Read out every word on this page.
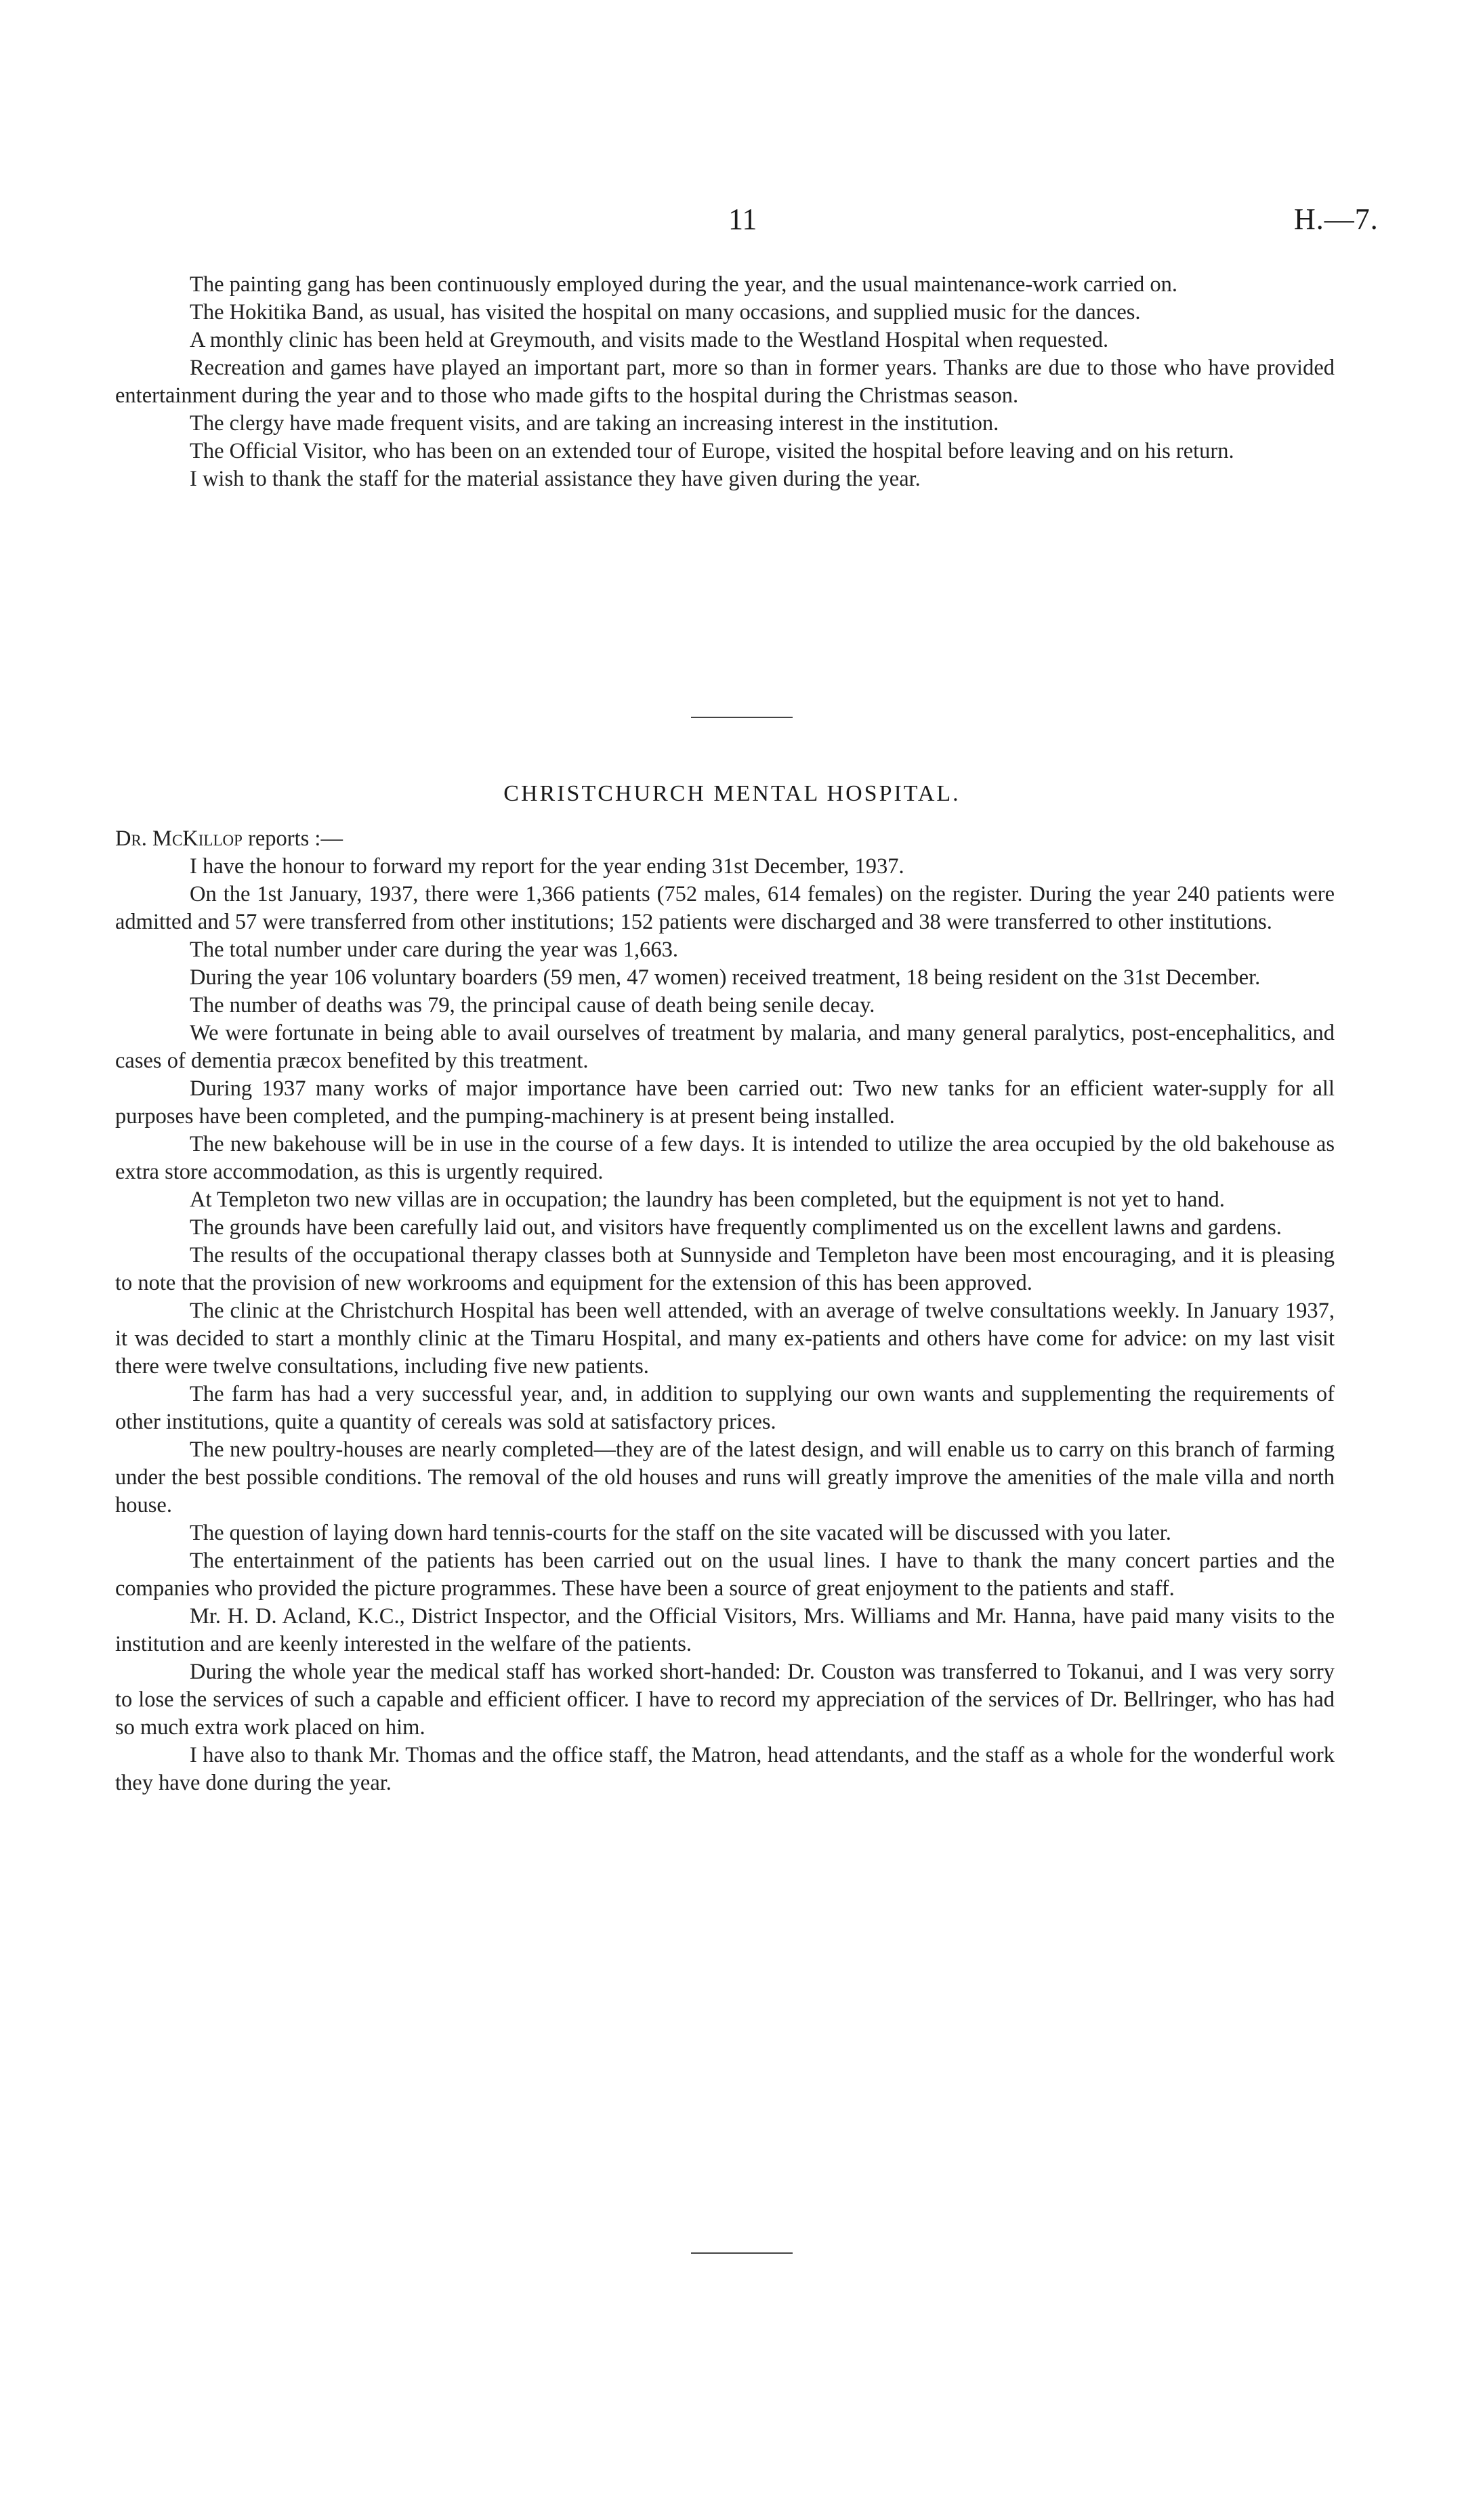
11	H.—7.

The painting gang has been continuously employed during the year, and the usual maintenance-work carried on.

The Hokitika Band, as usual, has visited the hospital on many occasions, and supplied music for the dances.

A monthly clinic has been held at Greymouth, and visits made to the Westland Hospital when requested.

Recreation and games have played an important part, more so than in former years. Thanks are due to those who have provided entertainment during the year and to those who made gifts to the hospital during the Christmas season.

The clergy have made frequent visits, and are taking an increasing interest in the institution.

The Official Visitor, who has been on an extended tour of Europe, visited the hospital before leaving and on his return.

I wish to thank the staff for the material assistance they have given during the year.

CHRISTCHURCH MENTAL HOSPITAL.

Dr. McKillop reports :—

I have the honour to forward my report for the year ending 31st December, 1937.

On the 1st January, 1937, there were 1,366 patients (752 males, 614 females) on the register. During the year 240 patients were admitted and 57 were transferred from other institutions; 152 patients were discharged and 38 were transferred to other institutions.

The total number under care during the year was 1,663.

During the year 106 voluntary boarders (59 men, 47 women) received treatment, 18 being resident on the 31st December.

The number of deaths was 79, the principal cause of death being senile decay.

We were fortunate in being able to avail ourselves of treatment by malaria, and many general paralytics, post-encephalitics, and cases of dementia præcox benefited by this treatment.

During 1937 many works of major importance have been carried out: Two new tanks for an efficient water-supply for all purposes have been completed, and the pumping-machinery is at present being installed.

The new bakehouse will be in use in the course of a few days. It is intended to utilize the area occupied by the old bakehouse as extra store accommodation, as this is urgently required.

At Templeton two new villas are in occupation; the laundry has been completed, but the equipment is not yet to hand.

The grounds have been carefully laid out, and visitors have frequently complimented us on the excellent lawns and gardens.

The results of the occupational therapy classes both at Sunnyside and Templeton have been most encouraging, and it is pleasing to note that the provision of new workrooms and equipment for the extension of this has been approved.

The clinic at the Christchurch Hospital has been well attended, with an average of twelve consultations weekly. In January 1937, it was decided to start a monthly clinic at the Timaru Hospital, and many ex-patients and others have come for advice: on my last visit there were twelve consultations, including five new patients.

The farm has had a very successful year, and, in addition to supplying our own wants and supplementing the requirements of other institutions, quite a quantity of cereals was sold at satisfactory prices.

The new poultry-houses are nearly completed—they are of the latest design, and will enable us to carry on this branch of farming under the best possible conditions. The removal of the old houses and runs will greatly improve the amenities of the male villa and north house.

The question of laying down hard tennis-courts for the staff on the site vacated will be discussed with you later.

The entertainment of the patients has been carried out on the usual lines. I have to thank the many concert parties and the companies who provided the picture programmes. These have been a source of great enjoyment to the patients and staff.

Mr. H. D. Acland, K.C., District Inspector, and the Official Visitors, Mrs. Williams and Mr. Hanna, have paid many visits to the institution and are keenly interested in the welfare of the patients.

During the whole year the medical staff has worked short-handed: Dr. Couston was transferred to Tokanui, and I was very sorry to lose the services of such a capable and efficient officer. I have to record my appreciation of the services of Dr. Bellringer, who has had so much extra work placed on him.

I have also to thank Mr. Thomas and the office staff, the Matron, head attendants, and the staff as a whole for the wonderful work they have done during the year.
